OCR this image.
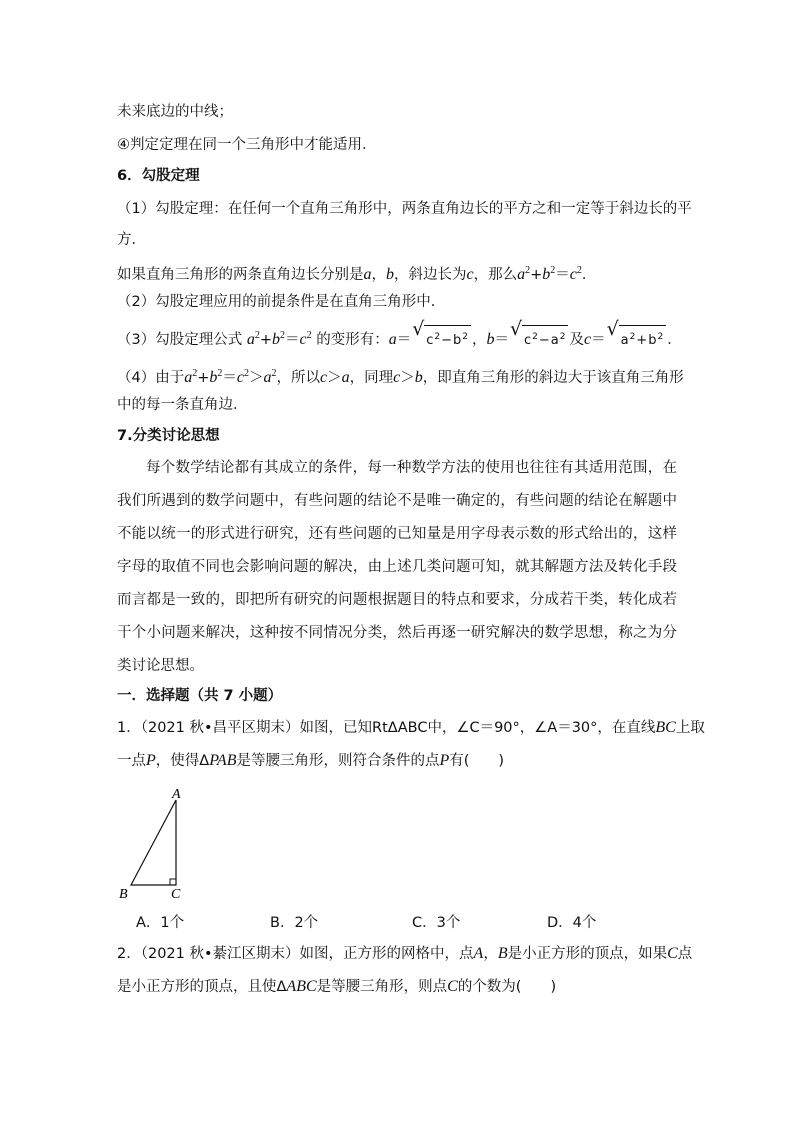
未来底边的中线；
④判定定理在同一个三角形中才能适用．
6．勾股定理
（1）勾股定理：在任何一个直角三角形中，两条直角边长的平方之和一定等于斜边长的平
方．
如果直角三角形的两条直角边长分别是a，b，斜边长为c，那么$a^2+b^2=c^2$．
（2）勾股定理应用的前提条件是在直角三角形中．
（3）勾股定理公式 $a^2+b^2=c^2$ 的变形有：a＝ √
$c^2-b^2$ ，b＝ √
$c^2-a^2$ 及c＝ √
$a^2+b^2$ ．
（4）由于$a^2+b^2=c^2>a^2$，所以c＞a，同理c＞b，即直角三角形的斜边大于该直角三角形
中的每一条直角边．
7.分类讨论思想
每个数学结论都有其成立的条件，每一种数学方法的使用也往往有其适用范围，在我们所遇到的数学问题中，有些问题的结论不是唯一确定的，有些问题的结论在解题中不能以统一的形式进行研究，还有些问题的已知量是用字母表示数的形式给出的，这样字母的取值不同也会影响问题的解决，由上述几类问题可知，就其解题方法及转化手段而言都是一致的，即把所有研究的问题根据题目的特点和要求，分成若干类，转化成若干个小问题来解决，这种按不同情况分类，然后再逐一研究解决的数学思想，称之为分类讨论思想。
一．选择题（共 7 小题）
1．（2021 秋•昌平区期末）如图，已知RtΔABC中，∠C＝90°，∠A＝30°，在直线BC上取
一点P，使得ΔPAB是等腰三角形，则符合条件的点P有(　　)
A
B	C
A．1个	B．2个	C．3个	D．4个
2．（2021 秋•綦江区期末）如图，正方形的网格中，点A，B是小正方形的顶点，如果C点
是小正方形的顶点，且使ΔABC是等腰三角形，则点C的个数为(　　)
